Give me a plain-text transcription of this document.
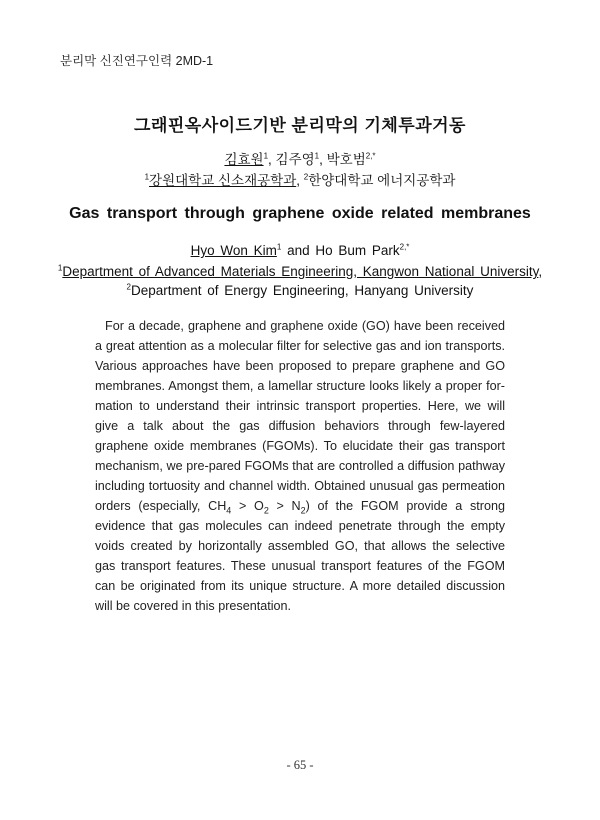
분리막 신진연구인력 2MD-1
그래핀옥사이드기반 분리막의 기체투과거동
김효원$^1$, 김주영$^1$, 박호범$^{2,*}$
$^1$강원대학교 신소재공학과, $^2$한양대학교 에너지공학과
Gas transport through graphene oxide related membranes
Hyo Won Kim$^1$ and Ho Bum Park$^{2,*}$
$^1$Department of Advanced Materials Engineering, Kangwon National University,
$^2$Department of Energy Engineering, Hanyang University

For a decade, graphene and graphene oxide (GO) have been received a great attention as a molecular filter for selective gas and ion transports. Various approaches have been proposed to prepare graphene and GO membranes. Amongst them, a lamellar structure looks likely a proper for-mation to understand their intrinsic transport properties. Here, we will give a talk about the gas diffusion behaviors through few-layered graphene oxide membranes (FGOMs). To elucidate their gas transport mechanism, we pre-pared FGOMs that are controlled a diffusion pathway including tortuosity and channel width. Obtained unusual gas permeation orders (especially, $CH_4 > O_2 > N_2$) of the FGOM provide a strong evidence that gas molecules can indeed penetrate through the empty voids created by horizontally assembled GO, that allows the selective gas transport features. These unusual transport features of the FGOM can be originated from its unique structure. A more detailed discussion will be covered in this presentation.

- 65 -
